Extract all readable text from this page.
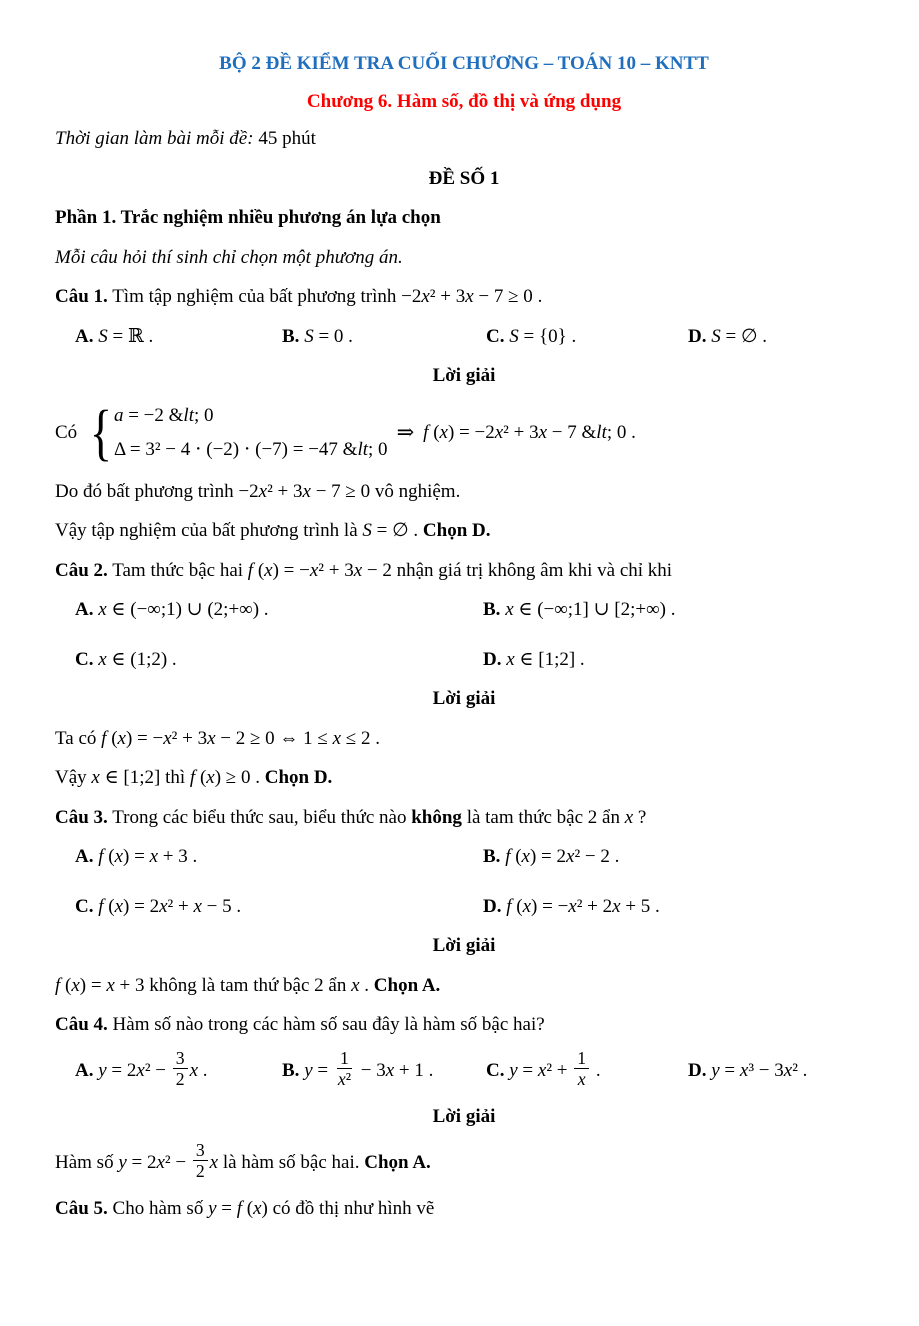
BỘ 2 ĐỀ KIỂM TRA CUỐI CHƯƠNG – TOÁN 10 – KNTT

Chương 6. Hàm số, đồ thị và ứng dụng

Thời gian làm bài mỗi đề: 45 phút

ĐỀ SỐ 1

Phần 1. Trắc nghiệm nhiều phương án lựa chọn

Mỗi câu hỏi thí sinh chỉ chọn một phương án.

Câu 1. Tìm tập nghiệm của bất phương trình −2x² + 3x − 7 ≥ 0 .

A. S = ℝ .	B. S = 0 .	C. S = {0} .	D. S = ∅ .

Lời giải

Có { a = −2 &lt; 0
Δ = 3² − 4 ⋅ (−2) ⋅ (−7) = −47 &lt; 0
⇒ f (x) = −2x² + 3x − 7 &lt; 0 .

Do đó bất phương trình −2x² + 3x − 7 ≥ 0 vô nghiệm.

Vậy tập nghiệm của bất phương trình là S = ∅ . Chọn D.

Câu 2. Tam thức bậc hai f (x) = −x² + 3x − 2 nhận giá trị không âm khi và chỉ khi

A. x ∈ (−∞;1) ∪ (2;+∞) .	B. x ∈ (−∞;1] ∪ [2;+∞) .
C. x ∈ (1;2) .	D. x ∈ [1;2] .

Lời giải

Ta có f (x) = −x² + 3x − 2 ≥ 0 ⇔ 1 ≤ x ≤ 2 .

Vậy x ∈ [1;2] thì f (x) ≥ 0 . Chọn D.

Câu 3. Trong các biểu thức sau, biểu thức nào không là tam thức bậc 2 ẩn x ?

A. f (x) = x + 3 .	B. f (x) = 2x² − 2 .
C. f (x) = 2x² + x − 5 .	D. f (x) = −x² + 2x + 5 .

Lời giải

f (x) = x + 3 không là tam thứ bậc 2 ẩn x . Chọn A.

Câu 4. Hàm số nào trong các hàm số sau đây là hàm số bậc hai?

A. $y = 2x^2 - \frac{3}{2}$ x .	B. $y = \frac{1}{\text{x²}} - 3x + 1$ .	C. $y = x^2 + \frac{1}{x}$ .	D. y = x³ − 3x² .

Lời giải

Hàm số $y = 2x^2 - \frac{3}{2}$ x là hàm số bậc hai. Chọn A.

Câu 5. Cho hàm số y = f (x) có đồ thị như hình vẽ
